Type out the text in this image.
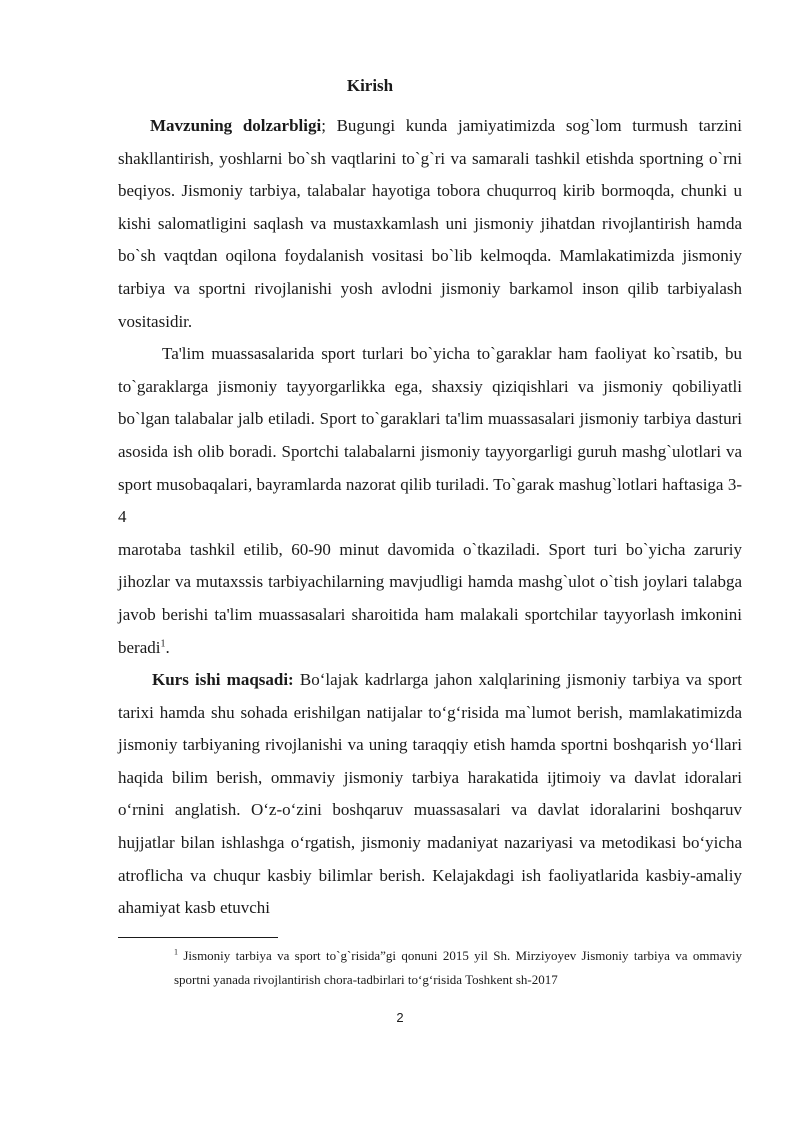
Kirish

Mavzuning dolzarbligi; Bugungi kunda jamiyatimizda sog`lom turmush tarzini shakllantirish, yoshlarni bo`sh vaqtlarini to`g`ri va samarali tashkil etishda sportning o`rni beqiyos. Jismoniy tarbiya, talabalar hayotiga tobora chuqurroq kirib bormoqda, chunki u kishi salomatligini saqlash va mustaxkamlash uni jismoniy jihatdan rivojlantirish hamda bo`sh vaqtdan oqilona foydalanish vositasi bo`lib kelmoqda. Mamlakatimizda jismoniy tarbiya va sportni rivojlanishi yosh avlodni jismoniy barkamol inson qilib tarbiyalash vositasidir.

Ta'lim muassasalarida sport turlari bo`yicha to`garaklar ham faoliyat ko`rsatib, bu to`garaklarga jismoniy tayyorgarlikka ega, shaxsiy qiziqishlari va jismoniy qobiliyatli bo`lgan talabalar jalb etiladi. Sport to`garaklari ta'lim muassasalari jismoniy tarbiya dasturi asosida ish olib boradi. Sportchi talabalarni jismoniy tayyorgarligi guruh mashg`ulotlari va sport musobaqalari, bayramlarda nazorat qilib turiladi. To`garak mashug`lotlari haftasiga 3-4

marotaba tashkil etilib, 60-90 minut davomida o`tkaziladi. Sport turi bo`yicha zaruriy jihozlar va mutaxssis tarbiyachilarning mavjudligi hamda mashg`ulot o`tish joylari talabga javob berishi ta'lim muassasalari sharoitida ham malakali sportchilar tayyorlash imkonini beradi$^1$.

Kurs ishi maqsadi: Bo‘lajak kadrlarga jahon xalqlarining jismoniy tarbiya va sport tarixi hamda shu sohada erishilgan natijalar to‘g‘risida ma`lumot berish, mamlakatimizda jismoniy tarbiyaning rivojlanishi va uning taraqqiy etish hamda sportni boshqarish yo‘llari haqida bilim berish, ommaviy jismoniy tarbiya harakatida ijtimoiy va davlat idoralari o‘rnini anglatish. O‘z-o‘zini boshqaruv muassasalari va davlat idoralarini boshqaruv hujjatlar bilan ishlashga o‘rgatish, jismoniy madaniyat nazariyasi va metodikasi bo‘yicha atroflicha va chuqur kasbiy bilimlar berish. Kelajakdagi ish faoliyatlarida kasbiy-amaliy ahamiyat kasb etuvchi

$^1$ Jismoniy tarbiya va sport to`g`risida”gi qonuni 2015 yil Sh. Mirziyoyev Jismoniy tarbiya va ommaviy sportni yanada rivojlantirish chora-tadbirlari to‘g‘risida Toshkent sh-2017

2
